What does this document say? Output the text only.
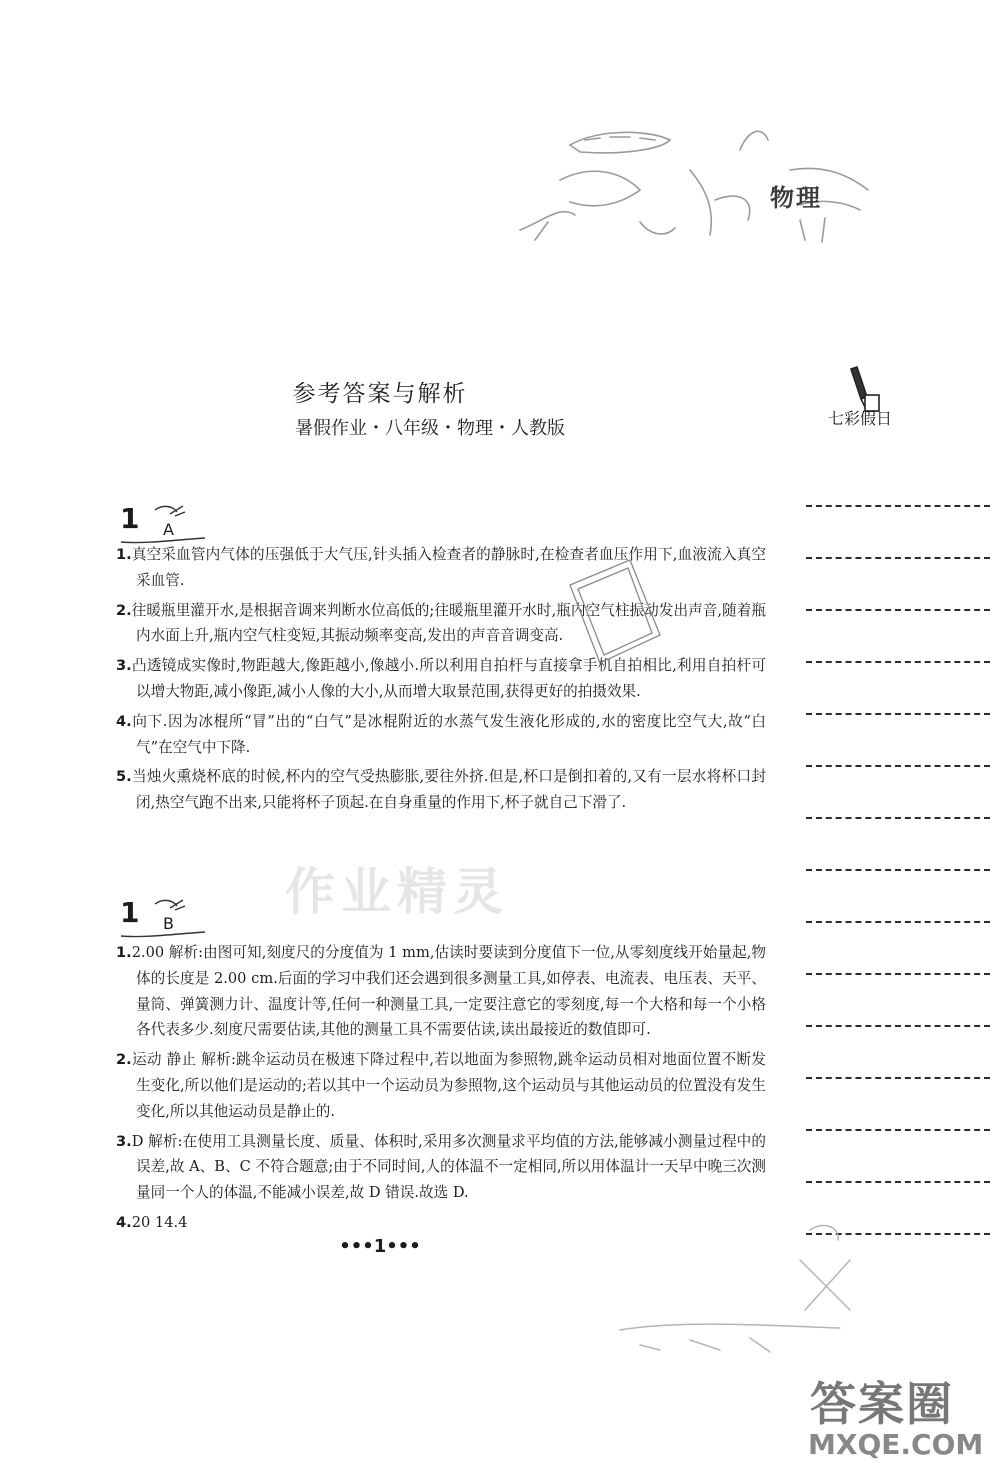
物理
参考答案与解析
暑假作业・八年级・物理・人教版	七彩假日
1 A

1.真空采血管内气体的压强低于大气压,针头插入检查者的静脉时,在检查者血压作用下,血液流入真空采血管.

2.往暖瓶里灌开水,是根据音调来判断水位高低的;往暖瓶里灌开水时,瓶内空气柱振动发出声音,随着瓶内水面上升,瓶内空气柱变短,其振动频率变高,发出的声音音调变高.

3.凸透镜成实像时,物距越大,像距越小,像越小.所以利用自拍杆与直接拿手机自拍相比,利用自拍杆可以增大物距,减小像距,减小人像的大小,从而增大取景范围,获得更好的拍摄效果.

4.向下.因为冰棍所“冒”出的“白气”是冰棍附近的水蒸气发生液化形成的,水的密度比空气大,故“白气”在空气中下降.

5.当烛火熏烧杯底的时候,杯内的空气受热膨胀,要往外挤.但是,杯口是倒扣着的,又有一层水将杯口封闭,热空气跑不出来,只能将杯子顶起.在自身重量的作用下,杯子就自己下滑了.

作业精灵
1 B

1.2.00 解析:由图可知,刻度尺的分度值为 1 mm,估读时要读到分度值下一位,从零刻度线开始量起,物体的长度是 2.00 cm.后面的学习中我们还会遇到很多测量工具,如停表、电流表、电压表、天平、量筒、弹簧测力计、温度计等,任何一种测量工具,一定要注意它的零刻度,每一个大格和每一个小格各代表多少.刻度尺需要估读,其他的测量工具不需要估读,读出最接近的数值即可.

2.运动 静止 解析:跳伞运动员在极速下降过程中,若以地面为参照物,跳伞运动员相对地面位置不断发生变化,所以他们是运动的;若以其中一个运动员为参照物,这个运动员与其他运动员的位置没有发生变化,所以其他运动员是静止的.

3.D 解析:在使用工具测量长度、质量、体积时,采用多次测量求平均值的方法,能够减小测量过程中的误差,故 A、B、C 不符合题意;由于不同时间,人的体温不一定相同,所以用体温计一天早中晚三次测量同一个人的体温,不能减小误差,故 D 错误.故选 D.

4.20 14.4

•••1•••
答案圈
MXQE.COM
